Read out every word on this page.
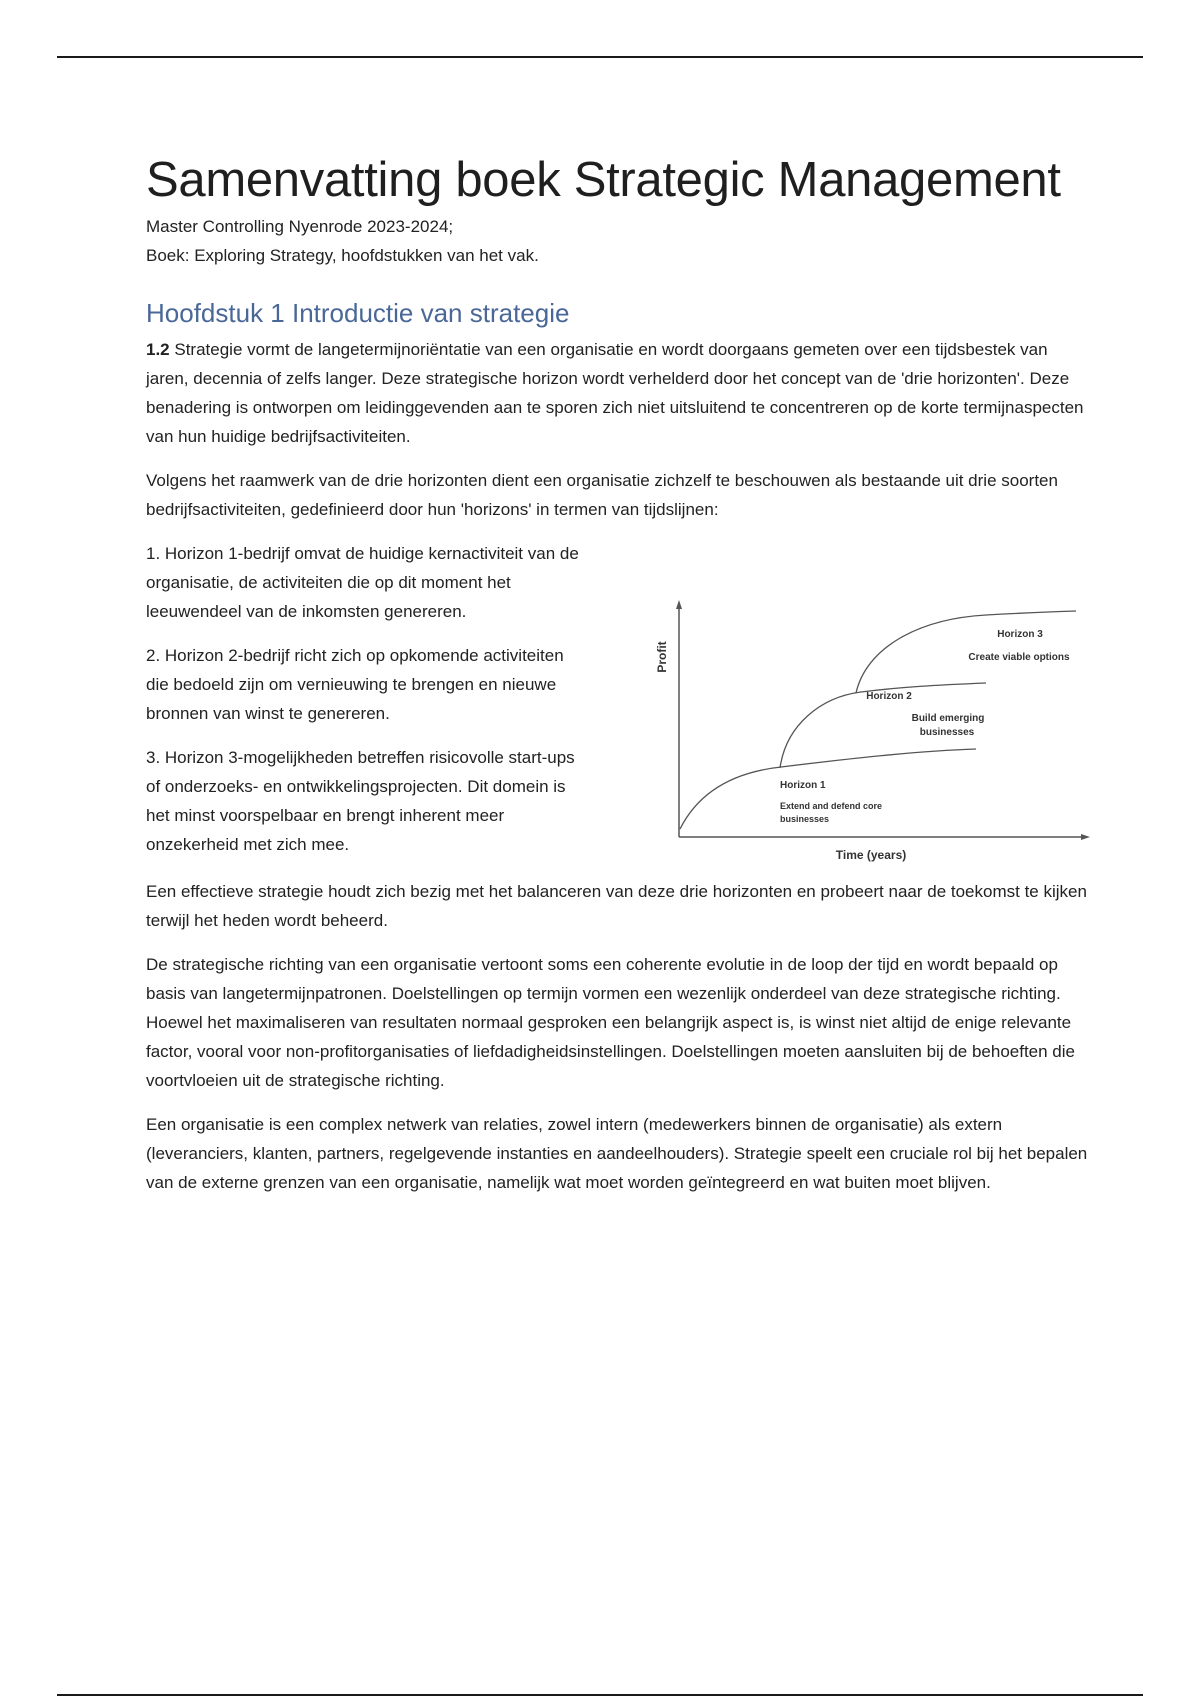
Samenvatting boek Strategic Management
Master Controlling Nyenrode 2023-2024;
Boek: Exploring Strategy, hoofdstukken van het vak.
Hoofdstuk 1 Introductie van strategie

1.2 Strategie vormt de langetermijnoriëntatie van een organisatie en wordt doorgaans gemeten over een tijdsbestek van jaren, decennia of zelfs langer. Deze strategische horizon wordt verhelderd door het concept van de 'drie horizonten'. Deze benadering is ontworpen om leidinggevenden aan te sporen zich niet uitsluitend te concentreren op de korte termijnaspecten van hun huidige bedrijfsactiviteiten.

Volgens het raamwerk van de drie horizonten dient een organisatie zichzelf te beschouwen als bestaande uit drie soorten bedrijfsactiviteiten, gedefinieerd door hun 'horizons' in termen van tijdslijnen:

1. Horizon 1-bedrijf omvat de huidige kernactiviteit van de organisatie, de activiteiten die op dit moment het leeuwendeel van de inkomsten genereren.

2. Horizon 2-bedrijf richt zich op opkomende activiteiten die bedoeld zijn om vernieuwing te brengen en nieuwe bronnen van winst te genereren.

3. Horizon 3-mogelijkheden betreffen risicovolle start-ups of onderzoeks- en ontwikkelingsprojecten. Dit domein is het minst voorspelbaar en brengt inherent meer onzekerheid met zich mee.

Profit
Horizon 3
Create viable options
Horizon 2
Build emerging
businesses
Horizon 1
Extend and defend core
businesses
Time (years)

Een effectieve strategie houdt zich bezig met het balanceren van deze drie horizonten en probeert naar de toekomst te kijken terwijl het heden wordt beheerd.

De strategische richting van een organisatie vertoont soms een coherente evolutie in de loop der tijd en wordt bepaald op basis van langetermijnpatronen. Doelstellingen op termijn vormen een wezenlijk onderdeel van deze strategische richting. Hoewel het maximaliseren van resultaten normaal gesproken een belangrijk aspect is, is winst niet altijd de enige relevante factor, vooral voor non-profitorganisaties of liefdadigheidsinstellingen. Doelstellingen moeten aansluiten bij de behoeften die voortvloeien uit de strategische richting.

Een organisatie is een complex netwerk van relaties, zowel intern (medewerkers binnen de organisatie) als extern (leveranciers, klanten, partners, regelgevende instanties en aandeelhouders). Strategie speelt een cruciale rol bij het bepalen van de externe grenzen van een organisatie, namelijk wat moet worden geïntegreerd en wat buiten moet blijven.
